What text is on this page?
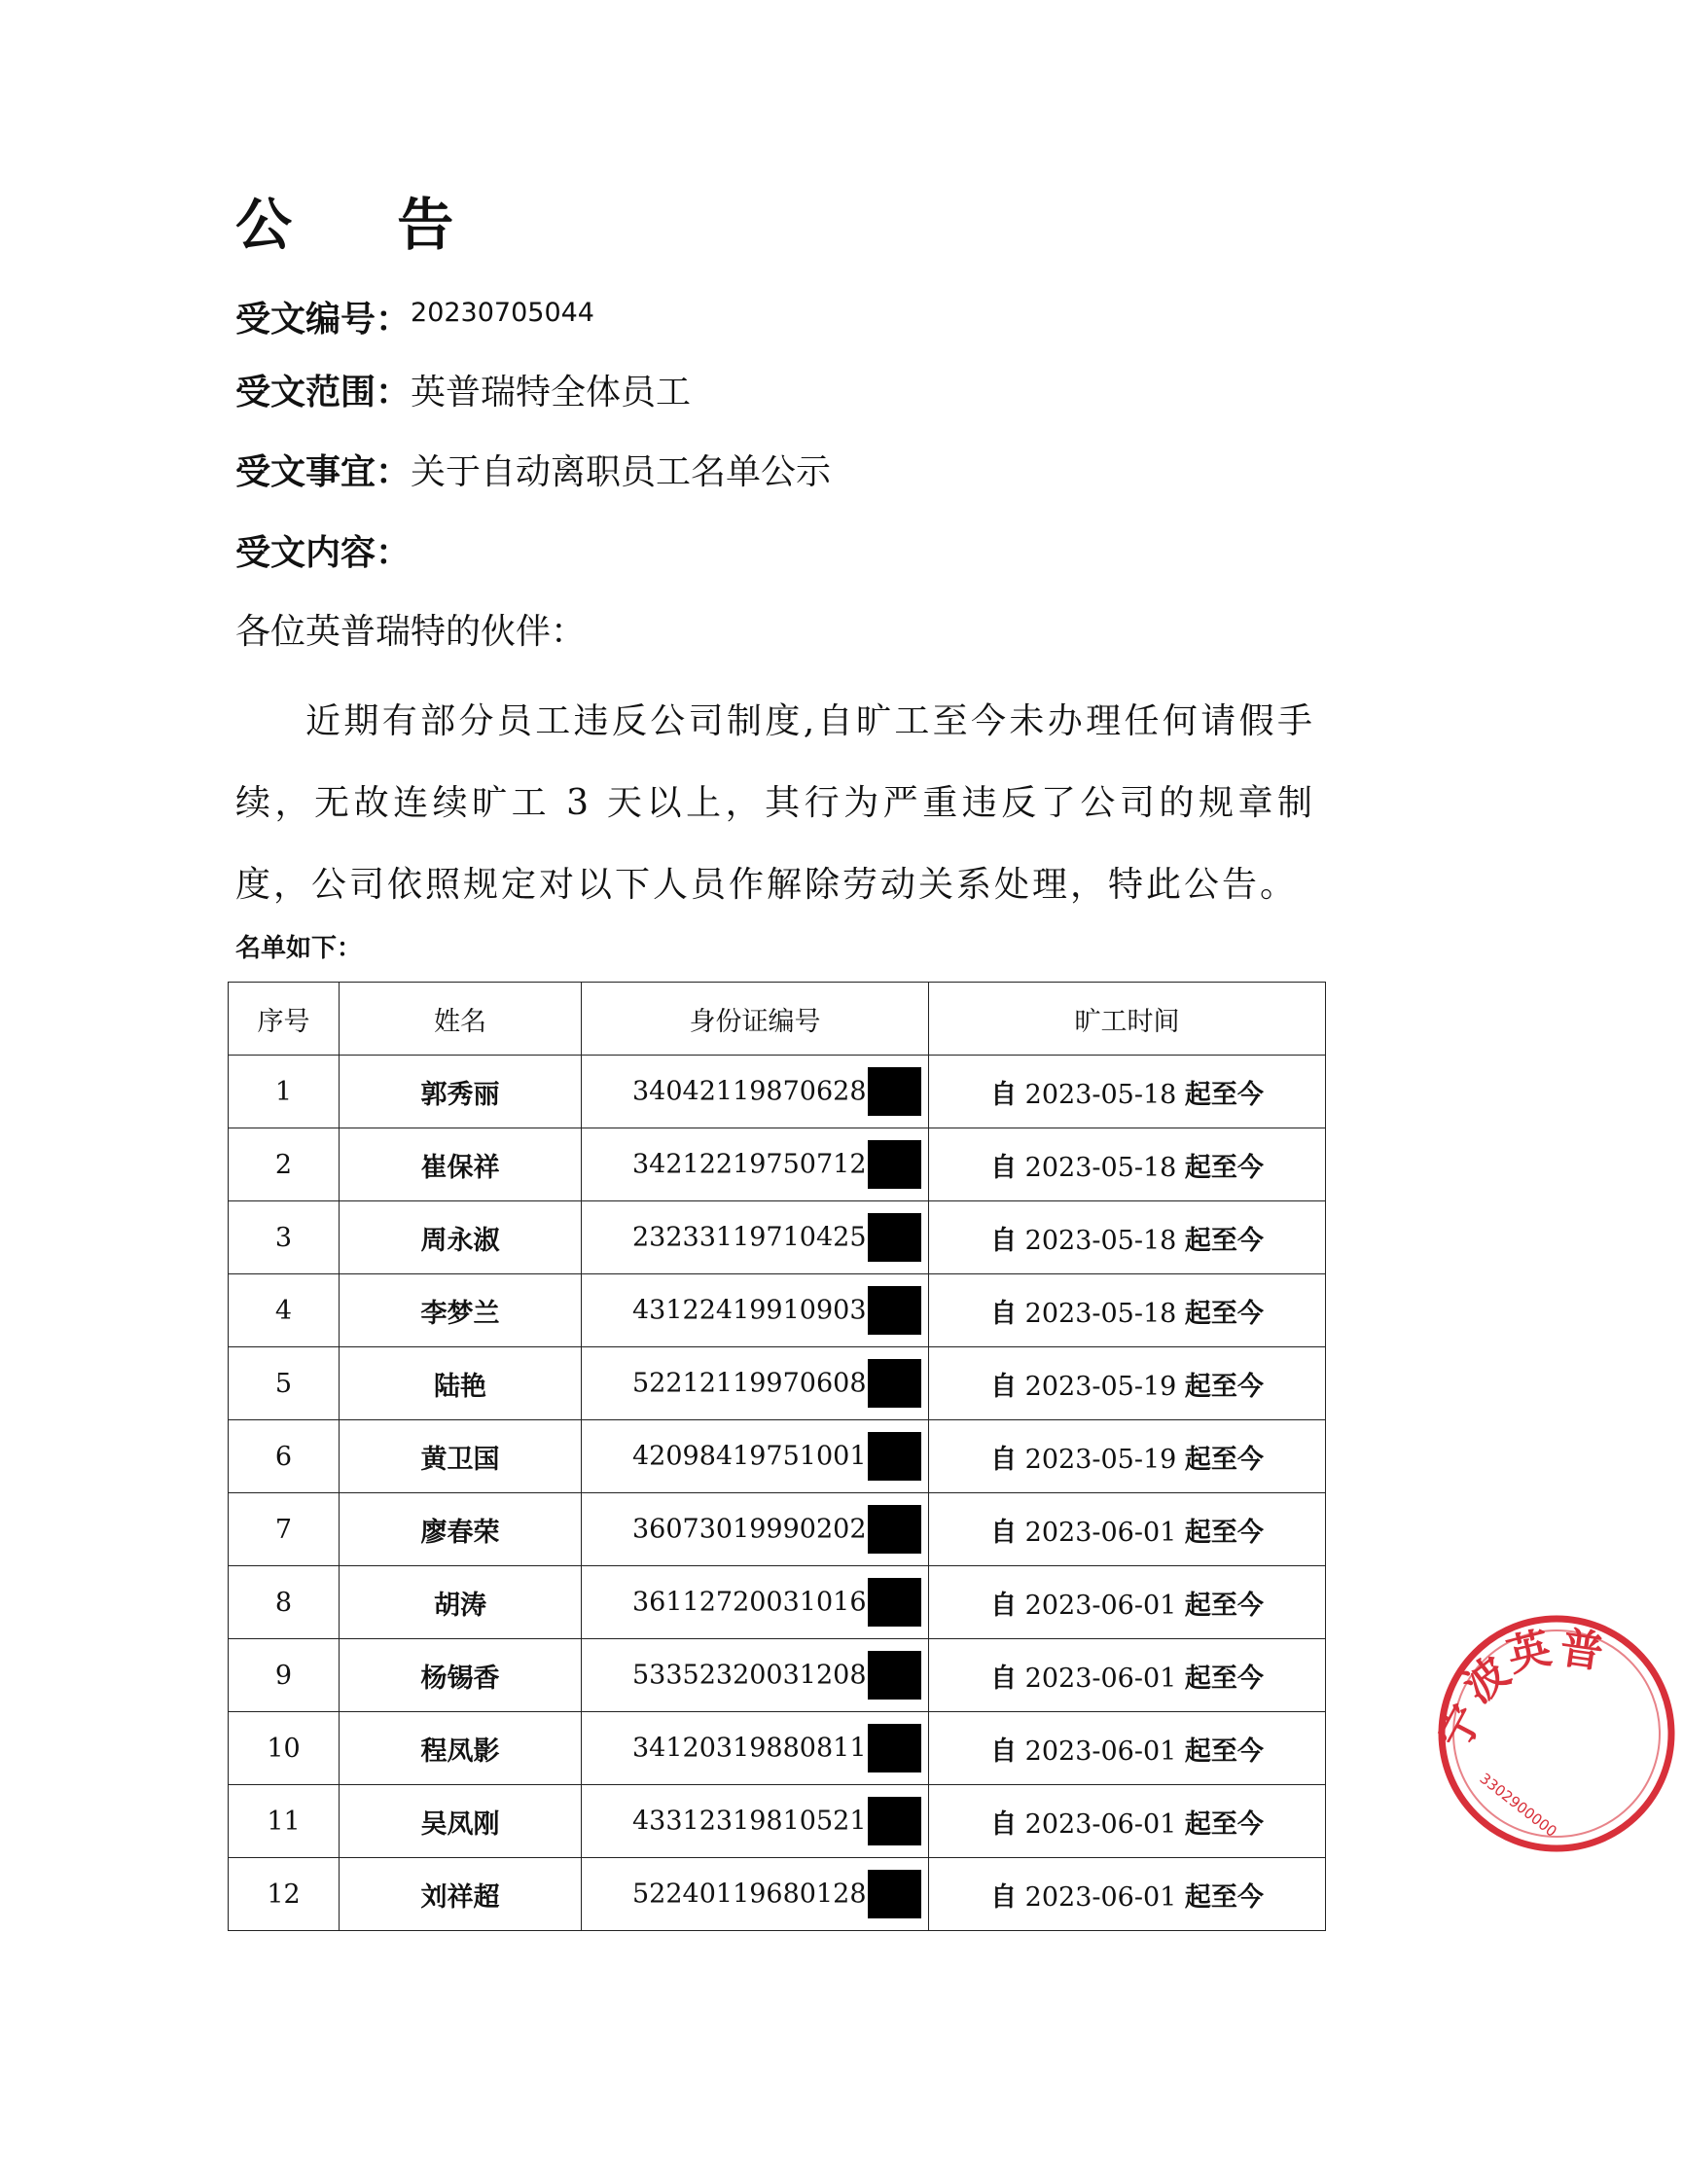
公 告
受文编号：$^{20230705044}$
受文范围：英普瑞特全体员工
受文事宜：关于自动离职员工名单公示
受文内容：
各位英普瑞特的伙伴：
近期有部分员工违反公司制度,自旷工至今未办理任何请假手续，无故连续旷工 3 天以上，其行为严重违反了公司的规章制度，公司依照规定对以下人员作解除劳动关系处理，特此公告。
名单如下：
序号	姓名	身份证编号	旷工时间
1	郭秀丽	34042119870628	自 2023-05-18 起至今
2	崔保祥	34212219750712	自 2023-05-18 起至今
3	周永淑	23233119710425	自 2023-05-18 起至今
4	李梦兰	43122419910903	自 2023-05-18 起至今
5	陆艳	52212119970608	自 2023-05-19 起至今
6	黄卫国	42098419751001	自 2023-05-19 起至今
7	廖春荣	36073019990202	自 2023-06-01 起至今
8	胡涛	36112720031016	自 2023-06-01 起至今
9	杨锡香	53352320031208	自 2023-06-01 起至今
10	程凤影	34120319880811	自 2023-06-01 起至今
11	吴凤刚	43312319810521	自 2023-06-01 起至今
12	刘祥超	52240119680128	自 2023-06-01 起至今
宁
波
英 普
3302900000
